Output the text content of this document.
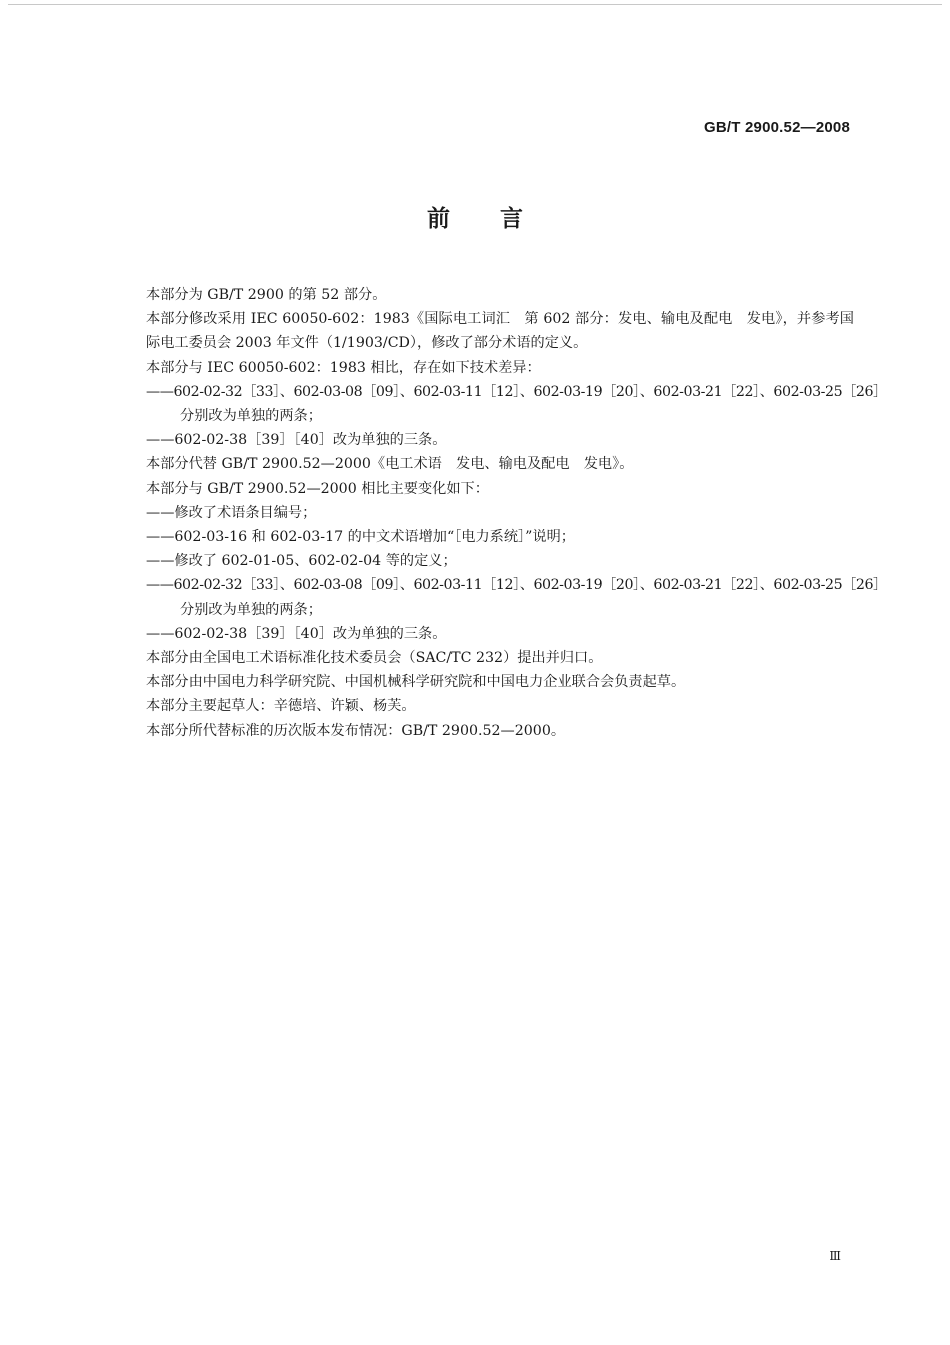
GB/T 2900.52—2008
前言

本部分为 GB/T 2900 的第 52 部分。

本部分修改采用 IEC 60050-602：1983《国际电工词汇　第 602 部分：发电、输电及配电　发电》，并参考国际电工委员会 2003 年文件（1/1903/CD），修改了部分术语的定义。

本部分与 IEC 60050-602：1983 相比，存在如下技术差异：

——602-02-32［33］、602-03-08［09］、602-03-11［12］、602-03-19［20］、602-03-21［22］、602-03-25［26］

分别改为单独的两条；

——602-02-38［39］［40］改为单独的三条。

本部分代替 GB/T 2900.52—2000《电工术语　发电、输电及配电　发电》。

本部分与 GB/T 2900.52—2000 相比主要变化如下：

——修改了术语条目编号；

——602-03-16 和 602-03-17 的中文术语增加“［电力系统］”说明；

——修改了 602-01-05、602-02-04 等的定义；

——602-02-32［33］、602-03-08［09］、602-03-11［12］、602-03-19［20］、602-03-21［22］、602-03-25［26］

分别改为单独的两条；

——602-02-38［39］［40］改为单独的三条。

本部分由全国电工术语标准化技术委员会（SAC/TC 232）提出并归口。

本部分由中国电力科学研究院、中国机械科学研究院和中国电力企业联合会负责起草。

本部分主要起草人：辛德培、许颖、杨芙。

本部分所代替标准的历次版本发布情况：GB/T 2900.52—2000。

Ⅲ
